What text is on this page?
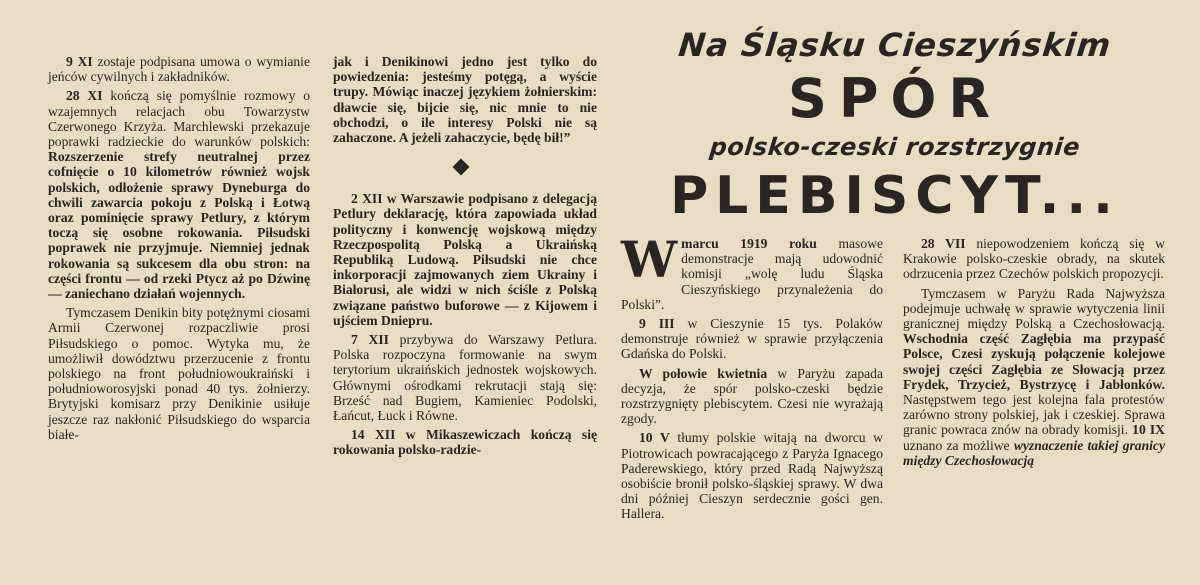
9 XI zostaje podpisana umowa o wymianie jeńców cywilnych i zakładników.

28 XI kończą się pomyślnie rozmowy o wzajemnych relacjach obu Towarzystw Czerwonego Krzyża. Marchlewski przekazuje poprawki radzieckie do warunków polskich: Rozszerzenie strefy neutralnej przez cofnięcie o 10 kilometrów również wojsk polskich, odłożenie sprawy Dyneburga do chwili zawarcia pokoju z Polską i Łotwą oraz pominięcie sprawy Petlury, z którym toczą się osobne rokowania. Piłsudski poprawek nie przyjmuje. Niemniej jednak rokowania są sukcesem dla obu stron: na części frontu — od rzeki Ptycz aż po Dźwinę — zaniechano działań wojennych.

Tymczasem Denikin bity potężnymi ciosami Armii Czerwonej rozpaczliwie prosi Piłsudskiego o pomoc. Wytyka mu, że umożliwił dowództwu przerzucenie z frontu polskiego na front południowoukraiński i południoworosyjski ponad 40 tys. żołnierzy. Brytyjski komisarz przy Denikinie usiłuje jeszcze raz nakłonić Piłsudskiego do wsparcia białe-

jak i Denikinowi jedno jest tylko do powiedzenia: jesteśmy potęgą, a wyście trupy. Mówiąc inaczej językiem żołnierskim: dławcie się, bijcie się, nic mnie to nie obchodzi, o ile interesy Polski nie są zahaczone. A jeżeli zahaczycie, będę bił!”

2 XII w Warszawie podpisano z delegacją Petlury deklarację, która zapowiada układ polityczny i konwencję wojskową między Rzeczpospolitą Polską a Ukraińską Republiką Ludową. Piłsudski nie chce inkorporacji zajmowanych ziem Ukrainy i Białorusi, ale widzi w nich ściśle z Polską związane państwo buforowe — z Kijowem i ujściem Dniepru.

7 XII przybywa do Warszawy Petlura. Polska rozpoczyna formowanie na swym terytorium ukraińskich jednostek wojskowych. Głównymi ośrodkami rekrutacji stają się: Brześć nad Bugiem, Kamieniec Podolski, Łańcut, Łuck i Równe.

14 XII w Mikaszewiczach kończą się rokowania polsko-radzie-

Na Śląsku Cieszyńskim
SPÓR
polsko-czeski rozstrzygnie
PLEBISCYT...

Wmarcu 1919 roku masowe demonstracje mają udowodnić komisji „wolę ludu Śląska Cieszyńskiego przynależenia do Polski”.

9 III w Cieszynie 15 tys. Polaków demonstruje również w sprawie przyłączenia Gdańska do Polski.

W połowie kwietnia w Paryżu zapada decyzja, że spór polsko-czeski będzie rozstrzygnięty plebiscytem. Czesi nie wyrażają zgody.

10 V tłumy polskie witają na dworcu w Piotrowicach powracającego z Paryża Ignacego Paderewskiego, który przed Radą Najwyższą osobiście bronił polsko-śląskiej sprawy. W dwa dni później Cieszyn serdecznie gości gen. Hallera.

28 VII niepowodzeniem kończą się w Krakowie polsko-czeskie obrady, na skutek odrzucenia przez Czechów polskich propozycji.

Tymczasem w Paryżu Rada Najwyższa podejmuje uchwałę w sprawie wytyczenia linii granicznej między Polską a Czechosłowacją. Wschodnia część Zagłębia ma przypaść Polsce, Czesi zyskują połączenie kolejowe swojej części Zagłębia ze Słowacją przez Frydek, Trzycież, Bystrzycę i Jabłonków. Następstwem tego jest kolejna fala protestów zarówno strony polskiej, jak i czeskiej. Sprawa granic powraca znów na obrady komisji. 10 IX uznano za możliwe wyznaczenie takiej granicy między Czechosłowacją
